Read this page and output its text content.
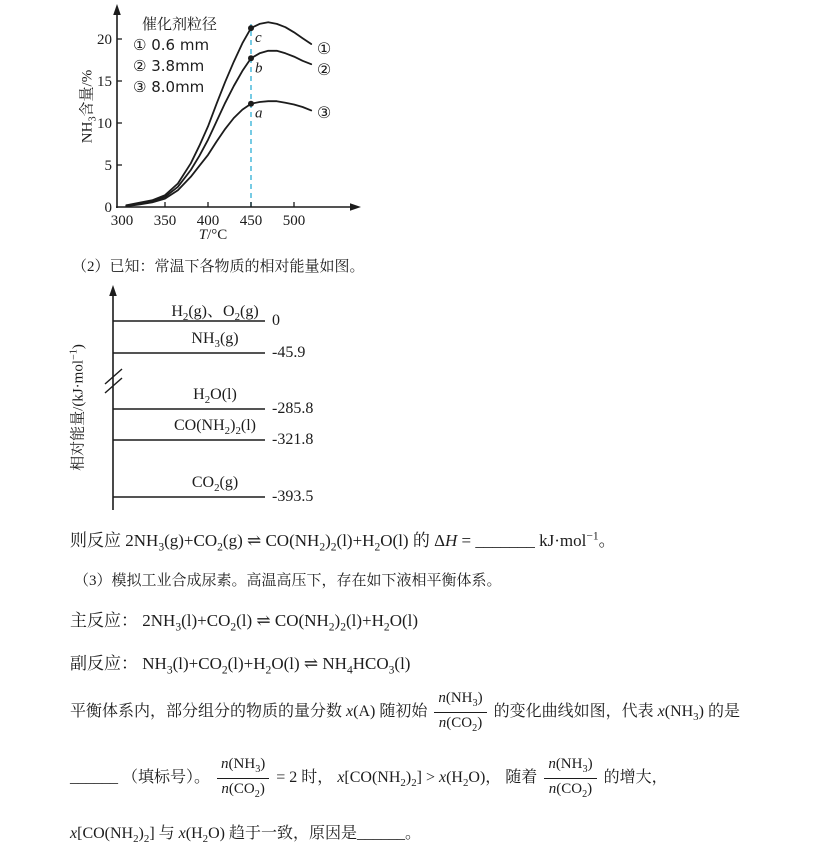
300 350 400 450 500
0
5
10
15
20	c
b
a
①
②
③
催化剂粒径
① 0.6 mm
② 3.8mm
③ 8.0mm
$NH_3$含量/%
T/°C
（2）已知：常温下各物质的相对能量如图。
$H_2(g)$、$O_2(g)$
$NH_3(g)$
$H_2O(l)$
$CO(NH_2)_2(l)$
$CO_2(g)$
0
-45.9
-285.8
-321.8
-393.5
相对能量/(kJ·mol$^{-1}$)
则反应 $2NH_3(g)+CO_2(g)$ ⇌ $CO(NH_2)_2(l)+H_2O(l)$ 的 ΔH = _______ kJ·mol$^{-1}$。
（3）模拟工业合成尿素。高温高压下，存在如下液相平衡体系。
主反应： $2NH_3(l)+CO_2(l)$ ⇌ $CO(NH_2)_2(l)+H_2O(l)$
副反应： $NH_3(l)+CO_2(l)+H_2O(l)$ ⇌ $NH_4HCO_3(l)$
平衡体系内，部分组分的物质的量分数 x(A) 随初始 $\frac{n(NH_3)}{n(CO_2)}$ 的变化曲线如图，代表 $x(NH_3)$ 的是
______ （填标号）。 $\frac{n(NH_3)}{n(CO_2)} = 2$ 时， $x[CO(NH_2)_2] > x(H_2O)$， 随着 $\frac{n(NH_3)}{n(CO_2)}$ 的增大，
$x[CO(NH_2)_2]$ 与 $x(H_2O)$ 趋于一致，原因是______。
